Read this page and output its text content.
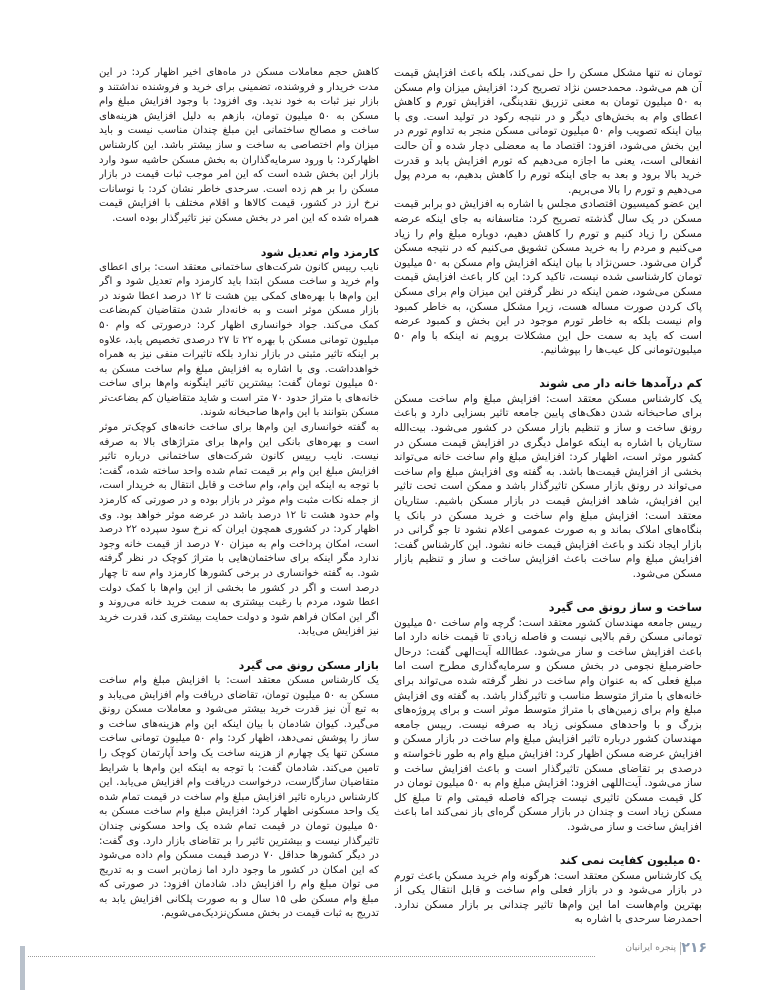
تومان نه تنها مشکل مسکن را حل نمی‌کند، بلکه باعث افزایش قیمت آن هم می‌شود. محمدحسن نژاد تصریح کرد: افزایش میزان وام مسکن به ۵۰ میلیون تومان به معنی تزریق نقدینگی، افزایش تورم و کاهش اعطای وام به بخش‌های دیگر و در نتیجه رکود در تولید است. وی با بیان اینکه تصویب وام ۵۰ میلیون تومانی مسکن منجر به تداوم تورم در این بخش می‌شود، افزود: اقتصاد ما به معضلی دچار شده و آن حالت انفعالی است، یعنی ما اجازه می‌دهیم که تورم افزایش یابد و قدرت خرید بالا برود و بعد به جای اینکه تورم را کاهش بدهیم، به مردم پول می‌دهیم و تورم را بالا می‌بریم.

این عضو کمیسیون اقتصادی مجلس با اشاره به افزایش دو برابر قیمت مسکن در یک سال گذشته تصریح کرد: متاسفانه به جای اینکه عرضه مسکن را زیاد کنیم و تورم را کاهش دهیم، دوباره مبلغ وام را زیاد می‌کنیم و مردم را به خرید مسکن تشویق می‌کنیم که در نتیجه مسکن گران می‌شود. حسن‌نژاد با بیان اینکه افزایش وام مسکن به ۵۰ میلیون تومان کارشناسی شده نیست، تاکید کرد: این کار باعث افزایش قیمت مسکن می‌شود، ضمن اینکه در نظر گرفتن این میزان وام برای مسکن پاک کردن صورت مساله هست، زیرا مشکل مسکن، به خاطر کمبود وام نیست بلکه به خاطر تورم موجود در این بخش و کمبود عرضه است که باید به سمت حل این مشکلات برویم نه اینکه با وام ۵۰ میلیون‌تومانی کل عیب‌ها را بپوشانیم.

کم درآمدها خانه دار می شوند

یک کارشناس مسکن معتقد است: افزایش مبلغ وام ساخت مسکن برای صاحبخانه شدن دهک‌های پایین جامعه تاثیر بسزایی دارد و باعث رونق ساخت و ساز و تنظیم بازار مسکن در کشور می‌شود. بیت‌الله ستاریان با اشاره به اینکه عوامل دیگری در افزایش قیمت مسکن در کشور موثر است، اظهار کرد: افزایش مبلغ وام ساخت خانه می‌تواند بخشی از افزایش قیمت‌ها باشد. به گفته وی افزایش مبلغ وام ساخت می‌تواند در رونق بازار مسکن تاثیرگذار باشد و ممکن است تحت تاثیر این افزایش، شاهد افزایش قیمت در بازار مسکن باشیم. ستاریان معتقد است: افزایش مبلغ وام ساخت و خرید مسکن در بانک یا بنگاه‌های املاک بماند و به صورت عمومی اعلام نشود تا جو گرانی در بازار ایجاد نکند و باعث افزایش قیمت خانه نشود. این کارشناس گفت: افزایش مبلغ وام ساخت باعث افزایش ساخت و ساز و تنظیم بازار مسکن می‌شود.

ساخت و ساز رونق می گیرد

رییس جامعه مهندسان کشور معتقد است: گرچه وام ساخت ۵۰ میلیون تومانی مسکن رقم بالایی نیست و فاصله زیادی تا قیمت خانه دارد اما باعث افزایش ساخت و ساز می‌شود. عطاالله آیت‌الهی گفت: درحال حاضرمبلغ نجومی در بخش مسکن و سرمایه‌گذاری مطرح است اما مبلغ فعلی که به عنوان وام ساخت در نظر گرفته شده می‌تواند برای خانه‌های با متراژ متوسط مناسب و تاثیرگذار باشد. به گفته وی افزایش مبلغ وام برای زمین‌های با متراژ متوسط موثر است و برای پروژه‌های بزرگ و با واحدهای مسکونی زیاد به صرفه نیست. رییس جامعه مهندسان کشور درباره تاثیر افزایش مبلغ وام ساخت در بازار مسکن و افزایش عرضه مسکن اظهار کرد: افزایش مبلغ وام به طور ناخواسته و درصدی بر تقاضای مسکن تاثیرگذار است و باعث افزایش ساخت و ساز می‌شود. آیت‌اللهی افزود: افزایش مبلغ وام به ۵۰ میلیون تومان در کل قیمت مسکن تاثیری نیست چراکه فاصله قیمتی وام تا مبلغ کل مسکن زیاد است و چندان در بازار مسکن گره‌ای باز نمی‌کند اما باعث افزایش ساخت و ساز می‌شود.

۵۰ میلیون کفایت نمی کند

یک کارشناس مسکن معتقد است: هرگونه وام خرید مسکن باعث تورم در بازار می‌شود و در بازار فعلی وام ساخت و قابل انتقال یکی از بهترین وام‌هاست اما این وام‌ها تاثیر چندانی بر بازار مسکن ندارد. احمدرضا سرحدی با اشاره به

کاهش حجم معاملات مسکن در ماه‌های اخیر اظهار کرد: در این مدت خریدار و فروشنده، تضمینی برای خرید و فروشنده نداشتند و بازار نیز ثبات به خود ندید. وی افزود: با وجود افزایش مبلغ وام مسکن به ۵۰ میلیون تومان، بازهم به دلیل افزایش هزینه‌های ساخت و مصالح ساختمانی این مبلغ چندان مناسب نیست و باید میزان وام اختصاصی به ساخت و ساز بیشتر باشد. این کارشناس اظهارکرد: با ورود سرمایه‌گذاران به بخش مسکن حاشیه سود وارد بازار این بخش شده است که این امر موجب ثبات قیمت در بازار مسکن را بر هم زده است. سرحدی خاطر نشان کرد: با نوسانات نرخ ارز در کشور، قیمت کالاها و اقلام مختلف با افزایش قیمت همراه شده که این امر در بخش مسکن نیز تاثیرگذار بوده است.

کارمزد وام تعدیل شود

نایب رییس کانون شرکت‌های ساختمانی معتقد است: برای اعطای وام خرید و ساخت مسکن ابتدا باید کارمزد وام تعدیل شود و اگر این وام‌ها با بهره‌های کمکی بین هشت تا ۱۲ درصد اعطا شوند در بازار مسکن موثر است و به خانه‌دار شدن متقاضیان کم‌بضاعت کمک می‌کند. جواد خوانساری اظهار کرد: درصورتی که وام ۵۰ میلیون تومانی مسکن با بهره ۲۲ تا ۲۷ درصدی تخصیص یابد، علاوه بر اینکه تاثیر مثبتی در بازار ندارد بلکه تاثیرات منفی نیز به همراه خواهدداشت. وی با اشاره به افزایش مبلغ وام ساخت مسکن به ۵۰ میلیون تومان گفت: بیشترین تاثیر اینگونه وام‌ها برای ساخت خانه‌های با متراژ حدود ۷۰ متر است و شاید متقاضیان کم بضاعت‌تر مسکن بتوانند با این وام‌ها صاحبخانه شوند.

به گفته خوانساری این وام‌ها برای ساخت خانه‌های کوچک‌تر موثر است و بهره‌های بانکی این وام‌ها برای متراژهای بالا به صرفه نیست. نایب رییس کانون شرکت‌های ساختمانی درباره تاثیر افزایش مبلغ این وام بر قیمت تمام شده واحد ساخته شده، گفت: با توجه به اینکه این وام، وام ساخت و قابل انتقال به خریدار است، از جمله نکات مثبت وام موثر در بازار بوده و در صورتی که کارمزد وام حدود هشت تا ۱۲ درصد باشد در عرضه موثر خواهد بود. وی اظهار کرد: در کشوری همچون ایران که نرخ سود سپرده ۲۲ درصد است، امکان پرداخت وام به میزان ۷۰ درصد از قیمت خانه وجود ندارد مگر اینکه برای ساختمان‌هایی با متراژ کوچک در نظر گرفته شود. به گفته خوانساری در برخی کشورها کارمزد وام سه تا چهار درصد است و اگر در کشور ما بخشی از این وام‌ها با کمک دولت اعطا شود، مردم با رغبت بیشتری به سمت خرید خانه می‌روند و اگر این امکان فراهم شود و دولت حمایت بیشتری کند، قدرت خرید نیز افزایش می‌یابد.

بازار مسکن رونق می گیرد

یک کارشناس مسکن معتقد است: با افزایش مبلغ وام ساخت مسکن به ۵۰ میلیون تومان، تقاضای دریافت وام افزایش می‌یابد و به تبع آن نیز قدرت خرید بیشتر می‌شود و معاملات مسکن رونق می‌گیرد. کیوان شادمان با بیان اینکه این وام هزینه‌های ساخت و ساز را پوشش نمی‌دهد، اظهار کرد: وام ۵۰ میلیون تومانی ساخت مسکن تنها یک چهارم از هزینه ساخت یک واحد آپارتمان کوچک را تامین می‌کند. شادمان گفت: با توجه به اینکه این وام‌ها با شرایط متقاضیان سازگارست، درخواست دریافت وام افزایش می‌یابد. این کارشناس درباره تاثیر افزایش مبلغ وام ساخت در قیمت تمام شده یک واحد مسکونی اظهار کرد: افزایش مبلغ وام ساخت مسکن به ۵۰ میلیون تومان در قیمت تمام شده یک واحد مسکونی چندان تاثیرگذار نیست و بیشترین تاثیر را بر تقاضای بازار دارد. وی گفت: در دیگر کشورها حداقل ۷۰ درصد قیمت مسکن وام داده می‌شود که این امکان در کشور ما وجود دارد اما زمان‌بر است و به تدریج می توان مبلغ وام را افزایش داد. شادمان افزود: در صورتی که مبلغ وام مسکن طی ۱۵ سال و به صورت پلکانی افزایش یابد به تدریج به ثبات قیمت در بخش مسکن‌نزدیک‌می‌شویم.

پنجره ایرانیان ۲۱۶
